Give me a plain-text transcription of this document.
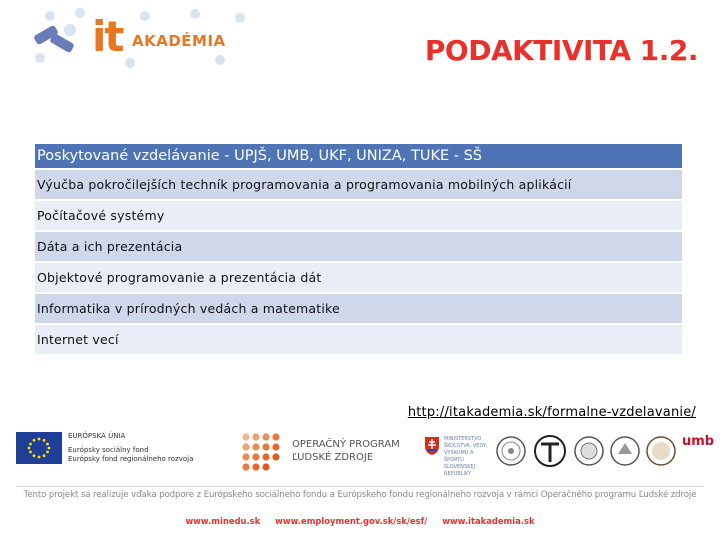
it AKADÉMIA	PODAKTIVITA 1.2.
Poskytované vzdelávanie - UPJŠ, UMB, UKF, UNIZA, TUKE - SŠ
Výučba pokročilejších techník programovania a programovania mobilných aplikácií
Počítačové systémy
Dáta a ich prezentácia
Objektové programovanie a prezentácia dát
Informatika v prírodných vedách a matematike
Internet vecí
http://itakademia.sk/formalne-vzdelavanie/
EURÓPSKA ÚNIA
Európsky sociálny fond
Európsky fond regionálneho rozvoja
OPERAČNÝ PROGRAM
ĽUDSKÉ ZDROJE
MINISTERSTVO ŠKOLSTVA, VEDY, VÝSKUMU A ŠPORTU SLOVENSKEJ REPUBLIKY
umb
Tento projekt sa realizuje vďaka podpore z Európskeho sociálneho fondu a Európskeho fondu regionálneho rozvoja v rámci Operačného programu Ľudské zdroje
www.minedu.sk www.employment.gov.sk/sk/esf/ www.itakademia.sk
